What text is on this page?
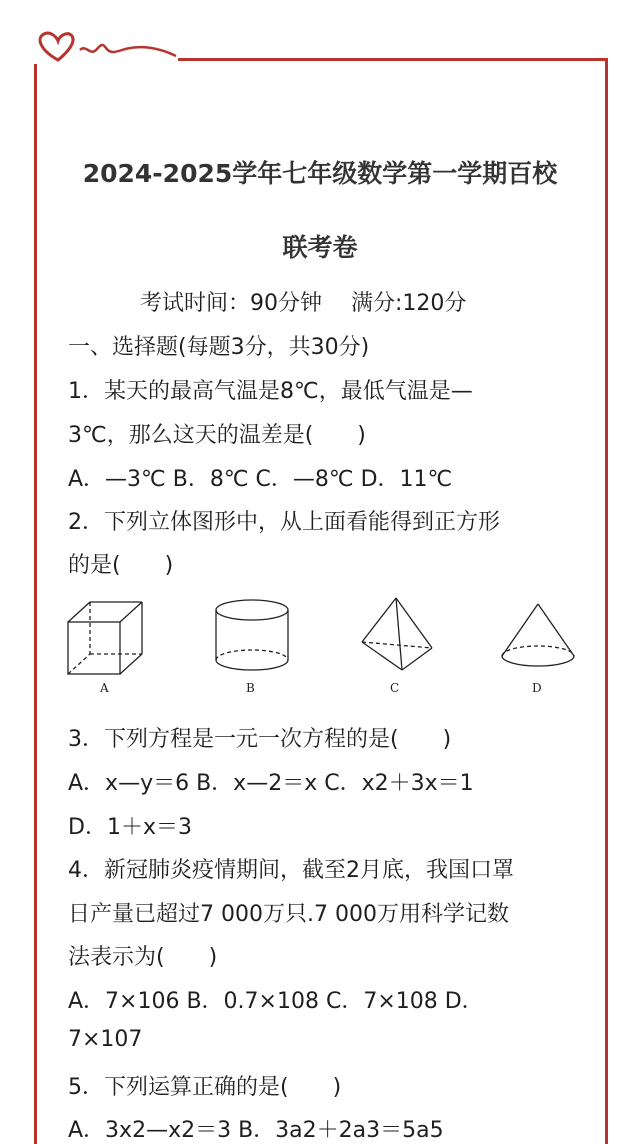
2024-2025学年七年级数学第一学期百校
联考卷
考试时间：90分钟　 满分:120分
一、选择题(每题3分，共30分)
1．某天的最高气温是8℃，最低气温是—
3℃，那么这天的温差是(　　)
A．—3℃ B．8℃ C．—8℃ D．11℃
2．下列立体图形中，从上面看能得到正方形
的是(　　)
A	B	C	D
3．下列方程是一元一次方程的是(　　)
A．x—y＝6 B．x—2＝x C．x2＋3x＝1
D．1＋x＝3
4．新冠肺炎疫情期间，截至2月底，我国口罩
日产量已超过7 000万只.7 000万用科学记数
法表示为(　　)
A．7×106 B．0.7×108 C．7×108 D．
7×107
5．下列运算正确的是(　　)
A．3x2—x2＝3 B．3a2＋2a3＝5a5
